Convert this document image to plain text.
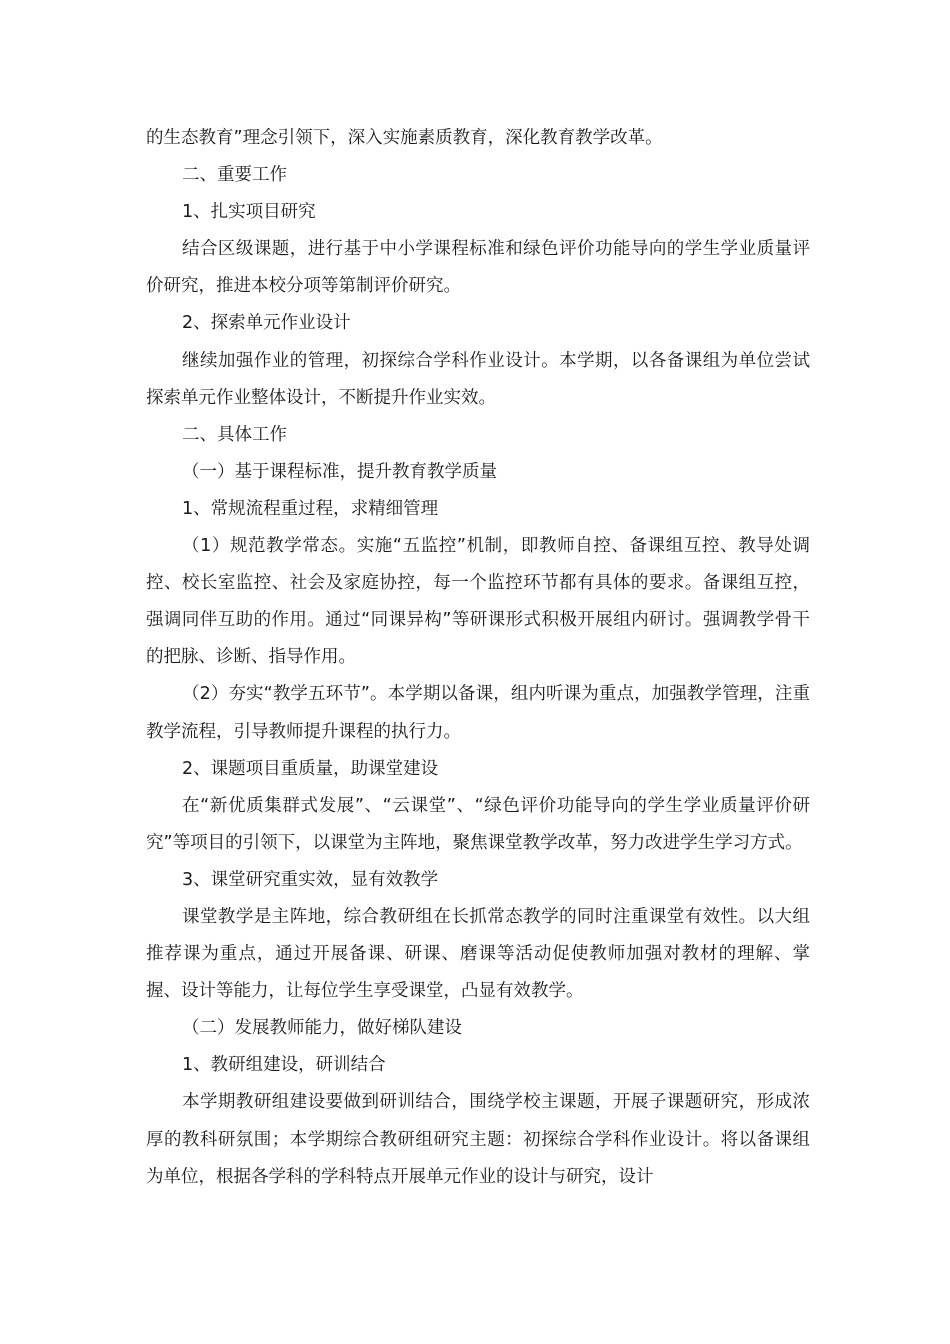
的生态教育”理念引领下，深入实施素质教育，深化教育教学改革。

二、重要工作

1、扎实项目研究

结合区级课题，进行基于中小学课程标准和绿色评价功能导向的学生学业质量评价研究，推进本校分项等第制评价研究。

2、探索单元作业设计

继续加强作业的管理，初探综合学科作业设计。本学期，以各备课组为单位尝试探索单元作业整体设计，不断提升作业实效。

二、具体工作

（一）基于课程标准，提升教育教学质量

1、常规流程重过程，求精细管理

（1）规范教学常态。实施“五监控”机制，即教师自控、备课组互控、教导处调控、校长室监控、社会及家庭协控，每一个监控环节都有具体的要求。备课组互控，强调同伴互助的作用。通过“同课异构”等研课形式积极开展组内研讨。强调教学骨干的把脉、诊断、指导作用。

（2）夯实“教学五环节”。本学期以备课，组内听课为重点，加强教学管理，注重教学流程，引导教师提升课程的执行力。

2、课题项目重质量，助课堂建设

在“新优质集群式发展”、“云课堂”、“绿色评价功能导向的学生学业质量评价研究”等项目的引领下，以课堂为主阵地，聚焦课堂教学改革，努力改进学生学习方式。

3、课堂研究重实效，显有效教学

课堂教学是主阵地，综合教研组在长抓常态教学的同时注重课堂有效性。以大组推荐课为重点，通过开展备课、研课、磨课等活动促使教师加强对教材的理解、掌握、设计等能力，让每位学生享受课堂，凸显有效教学。

（二）发展教师能力，做好梯队建设

1、教研组建设，研训结合

本学期教研组建设要做到研训结合，围绕学校主课题，开展子课题研究，形成浓厚的教科研氛围；本学期综合教研组研究主题：初探综合学科作业设计。将以备课组为单位，根据各学科的学科特点开展单元作业的设计与研究，设计
